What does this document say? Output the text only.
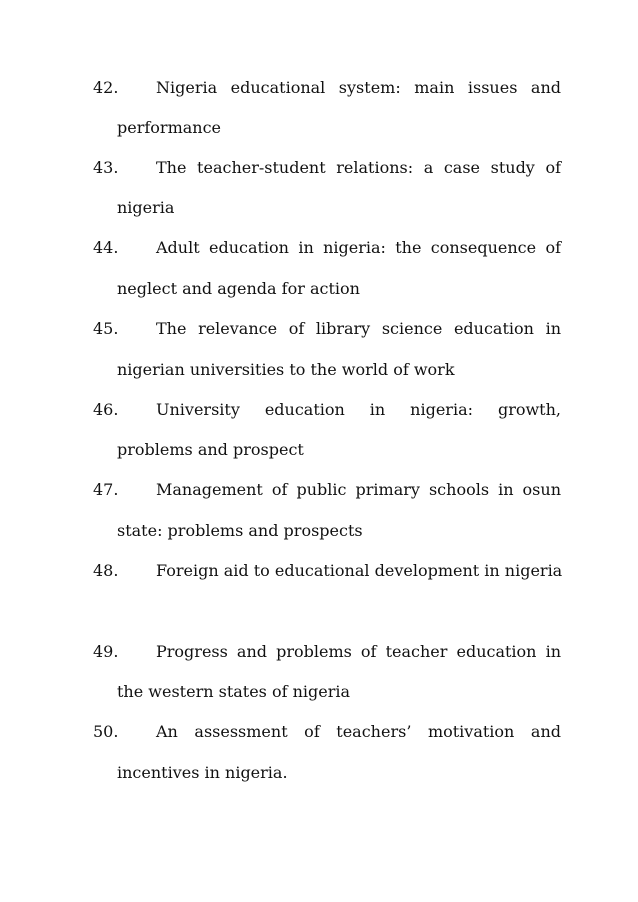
42.	Nigeria educational system: main issues and
performance
43.	The teacher-student relations: a case study of
nigeria
44.	Adult education in nigeria: the consequence of
neglect and agenda for action
45.	The relevance of library science education in
nigerian universities to the world of work
46.	University education in nigeria: growth,
problems and prospect
47.	Management of public primary schools in osun
state: problems and prospects
48.	Foreign aid to educational development in nigeria
49.	Progress and problems of teacher education in
the western states of nigeria
50.	An assessment of teachers’ motivation and
incentives in nigeria.
